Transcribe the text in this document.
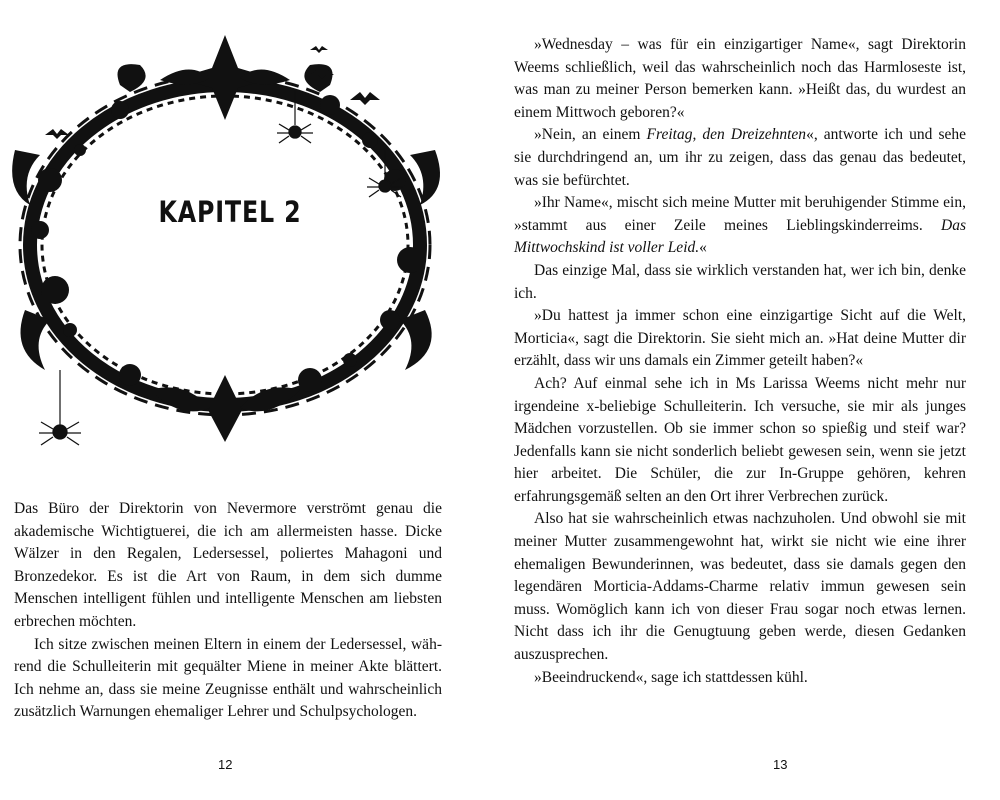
KAPITEL 2

Das Büro der Direktorin von Nevermore verströmt genau die akademische Wichtigtuerei, die ich am allermeisten hasse. Dicke Wälzer in den Regalen, Ledersessel, poliertes Mahagoni und Bronzedekor. Es ist die Art von Raum, in dem sich dumme Menschen intelligent fühlen und intelligente Menschen am liebsten erbrechen möchten.

Ich sitze zwischen meinen Eltern in einem der Ledersessel, während die Schulleiterin mit gequälter Miene in meiner Akte blättert. Ich nehme an, dass sie meine Zeugnisse enthält und wahrscheinlich zusätzlich Warnungen ehemaliger Lehrer und Schulpsychologen.

12

»Wednesday – was für ein einzigartiger Name«, sagt Direktorin Weems schließlich, weil das wahrscheinlich noch das Harmloseste ist, was man zu meiner Person bemerken kann. »Heißt das, du wurdest an einem Mittwoch geboren?«

»Nein, an einem Freitag, den Dreizehnten«, antworte ich und sehe sie durchdringend an, um ihr zu zeigen, dass das genau das bedeutet, was sie befürchtet.

»Ihr Name«, mischt sich meine Mutter mit beruhigender Stimme ein, »stammt aus einer Zeile meines Lieblingskinderreims. Das Mittwochskind ist voller Leid.«

Das einzige Mal, dass sie wirklich verstanden hat, wer ich bin, denke ich.

»Du hattest ja immer schon eine einzigartige Sicht auf die Welt, Morticia«, sagt die Direktorin. Sie sieht mich an. »Hat deine Mutter dir erzählt, dass wir uns damals ein Zimmer geteilt haben?«

Ach? Auf einmal sehe ich in Ms Larissa Weems nicht mehr nur irgendeine x-beliebige Schulleiterin. Ich versuche, sie mir als junges Mädchen vorzustellen. Ob sie immer schon so spießig und steif war? Jedenfalls kann sie nicht sonderlich beliebt gewesen sein, wenn sie jetzt hier arbeitet. Die Schüler, die zur In-Gruppe gehören, kehren erfahrungsgemäß selten an den Ort ihrer Verbrechen zurück.

Also hat sie wahrscheinlich etwas nachzuholen. Und obwohl sie mit meiner Mutter zusammengewohnt hat, wirkt sie nicht wie eine ihrer ehemaligen Bewunderinnen, was bedeutet, dass sie damals gegen den legendären Morticia-Addams-Charme relativ immun gewesen sein muss. Womöglich kann ich von dieser Frau sogar noch etwas lernen. Nicht dass ich ihr die Genugtuung geben werde, diesen Gedanken auszusprechen.

»Beeindruckend«, sage ich stattdessen kühl.

13
